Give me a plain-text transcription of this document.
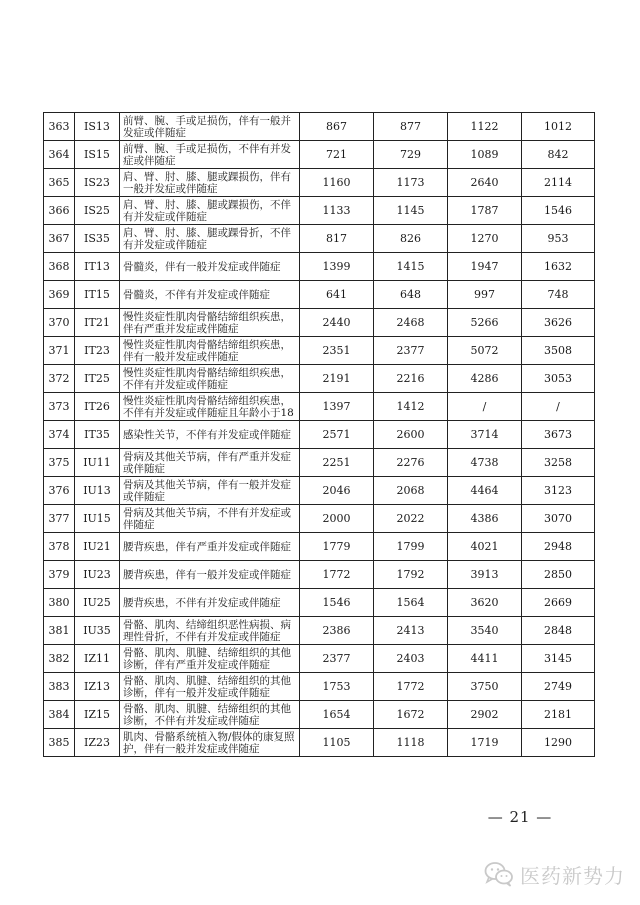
363	IS13	前臂、腕、手或足损伤，伴有一般并发症或伴随症	867	877	1122	1012
364	IS15	前臂、腕、手或足损伤，不伴有并发症或伴随症	721	729	1089	842
365	IS23	肩、臂、肘、膝、腿或踝损伤，伴有一般并发症或伴随症	1160	1173	2640	2114
366	IS25	肩、臂、肘、膝、腿或踝损伤，不伴有并发症或伴随症	1133	1145	1787	1546
367	IS35	肩、臂、肘、膝、腿或踝骨折，不伴有并发症或伴随症	817	826	1270	953
368	IT13	骨髓炎，伴有一般并发症或伴随症	1399	1415	1947	1632
369	IT15	骨髓炎，不伴有并发症或伴随症	641	648	997	748
370	IT21	慢性炎症性肌肉骨骼结缔组织疾患，伴有严重并发症或伴随症	2440	2468	5266	3626
371	IT23	慢性炎症性肌肉骨骼结缔组织疾患，伴有一般并发症或伴随症	2351	2377	5072	3508
372	IT25	慢性炎症性肌肉骨骼结缔组织疾患，不伴有并发症或伴随症	2191	2216	4286	3053
373	IT26	慢性炎症性肌肉骨骼结缔组织疾患，不伴有并发症或伴随症且年龄小于18	1397	1412	/	/
374	IT35	感染性关节，不伴有并发症或伴随症	2571	2600	3714	3673
375	IU11	骨病及其他关节病，伴有严重并发症或伴随症	2251	2276	4738	3258
376	IU13	骨病及其他关节病，伴有一般并发症或伴随症	2046	2068	4464	3123
377	IU15	骨病及其他关节病，不伴有并发症或伴随症	2000	2022	4386	3070
378	IU21	腰背疾患，伴有严重并发症或伴随症	1779	1799	4021	2948
379	IU23	腰背疾患，伴有一般并发症或伴随症	1772	1792	3913	2850
380	IU25	腰背疾患，不伴有并发症或伴随症	1546	1564	3620	2669
381	IU35	骨骼、肌肉、结缔组织恶性病损、病理性骨折，不伴有并发症或伴随症	2386	2413	3540	2848
382	IZ11	骨骼、肌肉、肌腱、结缔组织的其他诊断，伴有严重并发症或伴随症	2377	2403	4411	3145
383	IZ13	骨骼、肌肉、肌腱、结缔组织的其他诊断，伴有一般并发症或伴随症	1753	1772	3750	2749
384	IZ15	骨骼、肌肉、肌腱、结缔组织的其他诊断，不伴有并发症或伴随症	1654	1672	2902	2181
385	IZ23	肌肉、骨骼系统植入物/假体的康复照护，伴有一般并发症或伴随症	1105	1118	1719	1290
— 21 —
医药新势力
